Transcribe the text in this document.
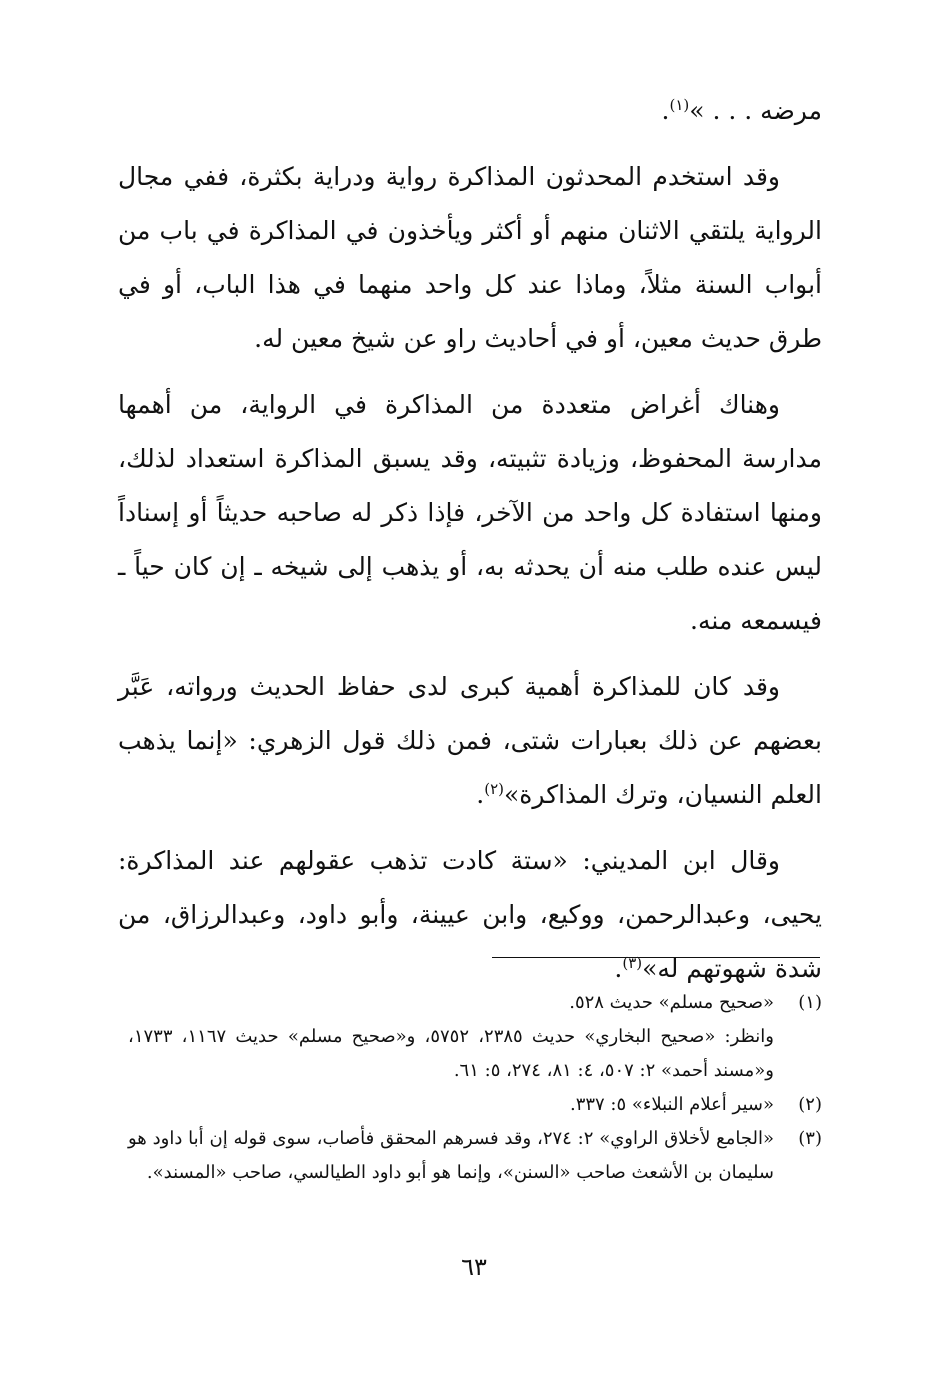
مرضه . . . »$^{(١)}$.

وقد استخدم المحدثون المذاكرة رواية ودراية بكثرة، ففي مجال الرواية يلتقي الاثنان منهم أو أكثر ويأخذون في المذاكرة في باب من أبواب السنة مثلاً، وماذا عند كل واحد منهما في هذا الباب، أو في طرق حديث معين، أو في أحاديث راو عن شيخ معين له.

وهناك أغراض متعددة من المذاكرة في الرواية، من أهمها مدارسة المحفوظ، وزيادة تثبيته، وقد يسبق المذاكرة استعداد لذلك، ومنها استفادة كل واحد من الآخر، فإذا ذكر له صاحبه حديثاً أو إسناداً ليس عنده طلب منه أن يحدثه به، أو يذهب إلى شيخه ـ إن كان حياً ـ فيسمعه منه.

وقد كان للمذاكرة أهمية كبرى لدى حفاظ الحديث ورواته، عَبَّر بعضهم عن ذلك بعبارات شتى، فمن ذلك قول الزهري: «إنما يذهب العلم النسيان، وترك المذاكرة»$^{(٢)}$.

وقال ابن المديني: «ستة كادت تذهب عقولهم عند المذاكرة: يحيى، وعبدالرحمن، ووكيع، وابن عيينة، وأبو داود، وعبدالرزاق، من شدة شهوتهم له»$^{(٣)}$.

(١)
«صحيح مسلم» حديث ٥٢٨.
وانظر: «صحيح البخاري» حديث ٢٣٨٥، ٥٧٥٢، و«صحيح مسلم» حديث ١١٦٧، ١٧٣٣، و«مسند أحمد» ٢: ٥٠٧، ٤: ٨١، ٢٧٤، ٥: ٦١.
(٢)
«سير أعلام النبلاء» ٥: ٣٣٧.
(٣)
«الجامع لأخلاق الراوي» ٢: ٢٧٤، وقد فسرهم المحقق فأصاب، سوى قوله إن أبا داود هو سليمان بن الأشعث صاحب «السنن»، وإنما هو أبو داود الطيالسي، صاحب «المسند».
٦٣
